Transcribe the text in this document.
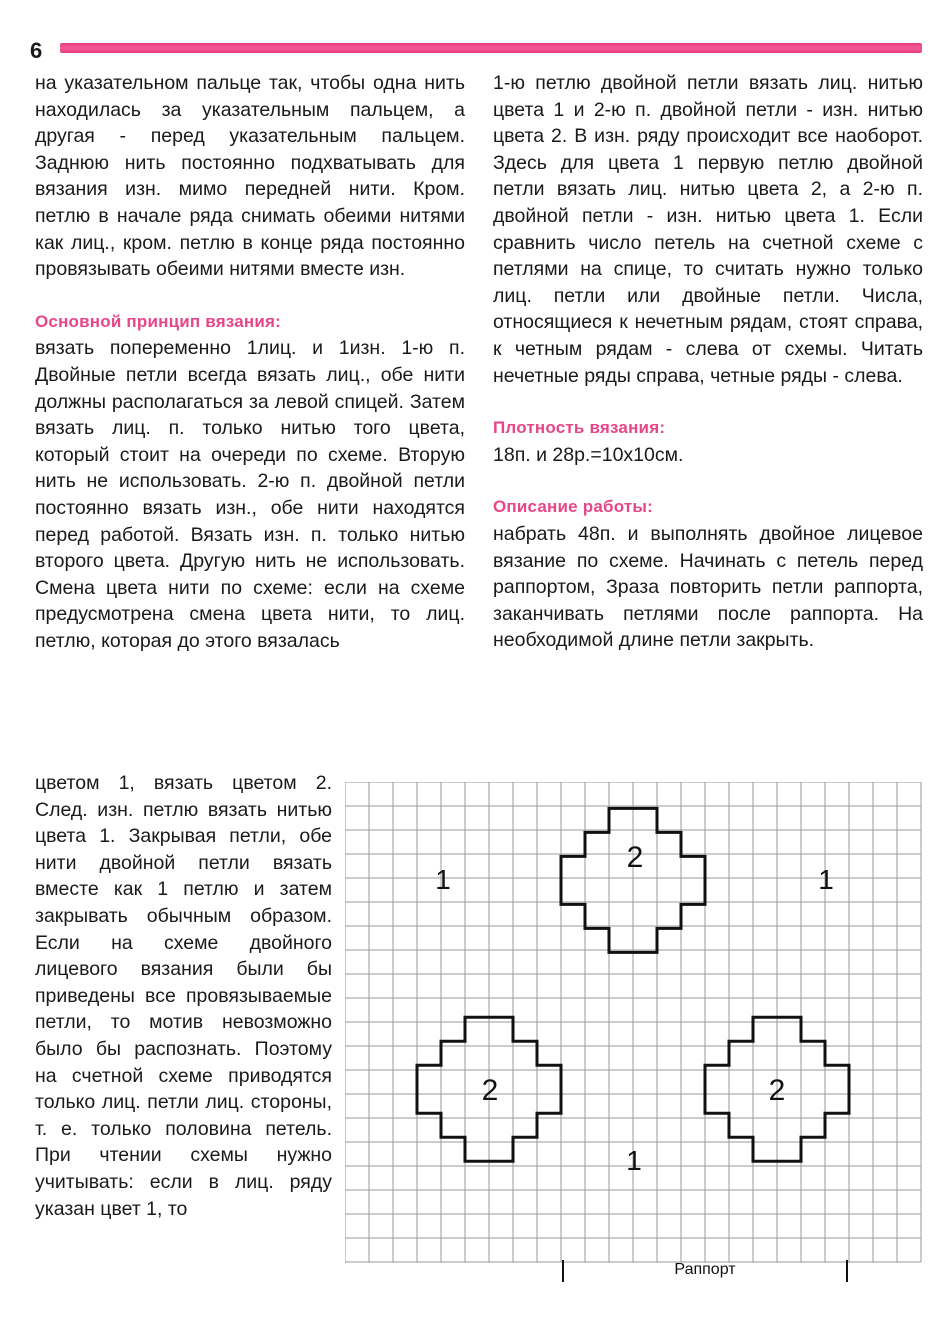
6

на указательном пальце так, чтобы одна нить находилась за указательным пальцем, а другая - перед указательным пальцем. Заднюю нить постоянно подхватывать для вязания изн. мимо передней нити. Кром. петлю в начале ряда снимать обеими нитями как лиц., кром. петлю в конце ряда постоянно провязывать обеими нитями вместе изн.

Основной принцип вязания:

вязать попеременно 1лиц. и 1изн. 1-ю п. Двойные петли всегда вязать лиц., обе нити должны располагаться за левой спицей. Затем вязать лиц. п. только нитью того цвета, который стоит на очереди по схеме. Вторую нить не использовать. 2-ю п. двойной петли постоянно вязать изн., обе нити находятся перед работой. Вязать изн. п. только нитью второго цвета. Другую нить не использовать. Смена цвета нити по схеме: если на схеме предусмотрена смена цвета нити, то лиц. петлю, которая до этого вязалась

цветом 1, вязать цветом 2. След. изн. петлю вязать нитью цвета 1. Закрывая петли, обе нити двойной петли вязать вместе как 1 петлю и затем закрывать обычным образом. Если на схеме двойного лицевого вязания были бы приведены все провязываемые петли, то мотив невозможно было бы распознать. Поэтому на счетной схеме приводятся только лиц. петли лиц. стороны, т. е. только половина петель. При чтении схемы нужно учитывать: если в лиц. ряду указан цвет 1, то

1-ю петлю двойной петли вязать лиц. нитью цвета 1 и 2-ю п. двойной петли - изн. нитью цвета 2. В изн. ряду происходит все наоборот. Здесь для цвета 1 первую петлю двойной петли вязать лиц. нитью цвета 2, а 2-ю п. двойной петли - изн. нитью цвета 1. Если сравнить число петель на счетной схеме с петлями на спице, то считать нужно только лиц. петли или двойные петли. Числа, относящиеся к нечетным рядам, стоят справа, к четным рядам - слева от схемы. Читать нечетные ряды справа, четные ряды - слева.

Плотность вязания:

18п. и 28р.=10х10см.

Описание работы:

набрать 48п. и выполнять двойное лицевое вязание по схеме. Начинать с петель перед раппортом, Зраза повторить петли раппорта, заканчивать петлями после раппорта. На необходимой длине петли закрыть.

1	1
1
2
2	2
Раппорт
